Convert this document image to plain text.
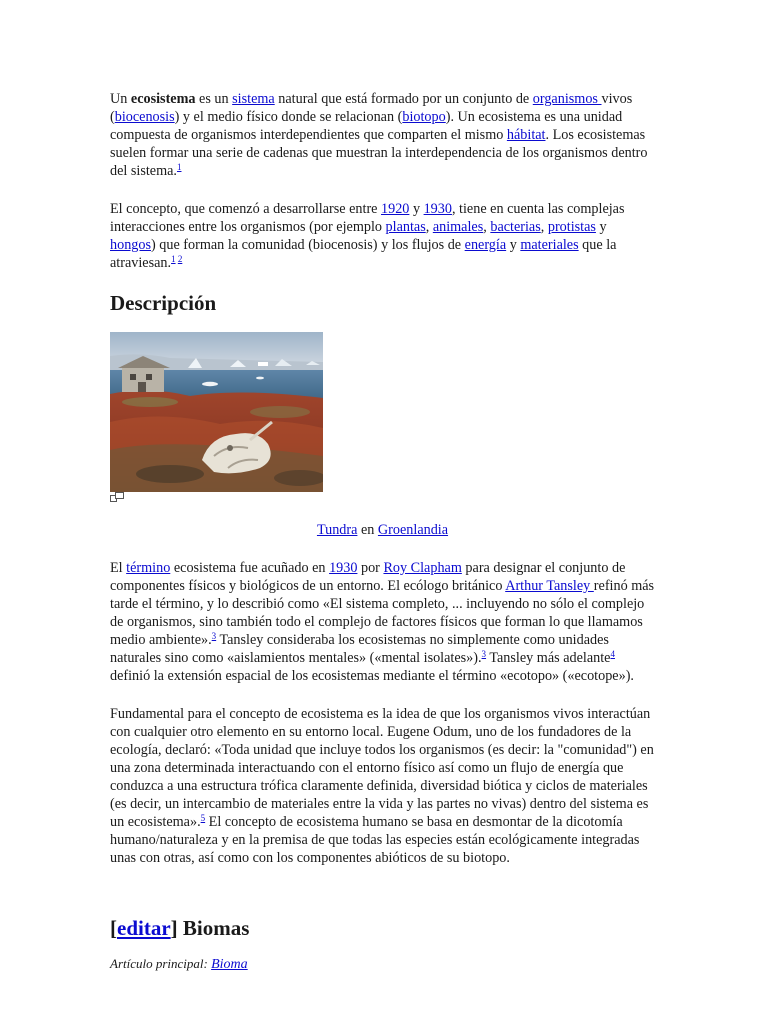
Un ecosistema es un sistema natural que está formado por un conjunto de organismos vivos (biocenosis) y el medio físico donde se relacionan (biotopo). Un ecosistema es una unidad compuesta de organismos interdependientes que comparten el mismo hábitat. Los ecosistemas suelen formar una serie de cadenas que muestran la interdependencia de los organismos dentro del sistema.$^1$

El concepto, que comenzó a desarrollarse entre 1920 y 1930, tiene en cuenta las complejas interacciones entre los organismos (por ejemplo plantas, animales, bacterias, protistas y hongos) que forman la comunidad (biocenosis) y los flujos de energía y materiales que la atraviesan.$^{1 2}$

Descripción

Tundra en Groenlandia

El término ecosistema fue acuñado en 1930 por Roy Clapham para designar el conjunto de componentes físicos y biológicos de un entorno. El ecólogo británico Arthur Tansley refinó más tarde el término, y lo describió como «El sistema completo, ... incluyendo no sólo el complejo de organismos, sino también todo el complejo de factores físicos que forman lo que llamamos medio ambiente».$^3$ Tansley consideraba los ecosistemas no simplemente como unidades naturales sino como «aislamientos mentales» («mental isolates»).$^3$ Tansley más adelante$^4$ definió la extensión espacial de los ecosistemas mediante el término «ecotopo» («ecotope»).

Fundamental para el concepto de ecosistema es la idea de que los organismos vivos interactúan con cualquier otro elemento en su entorno local. Eugene Odum, uno de los fundadores de la ecología, declaró: «Toda unidad que incluye todos los organismos (es decir: la "comunidad") en una zona determinada interactuando con el entorno físico así como un flujo de energía que conduzca a una estructura trófica claramente definida, diversidad biótica y ciclos de materiales (es decir, un intercambio de materiales entre la vida y las partes no vivas) dentro del sistema es un ecosistema».$^5$ El concepto de ecosistema humano se basa en desmontar de la dicotomía humano/naturaleza y en la premisa de que todas las especies están ecológicamente integradas unas con otras, así como con los componentes abióticos de su biotopo.

[editar] Biomas

Artículo principal: Bioma
